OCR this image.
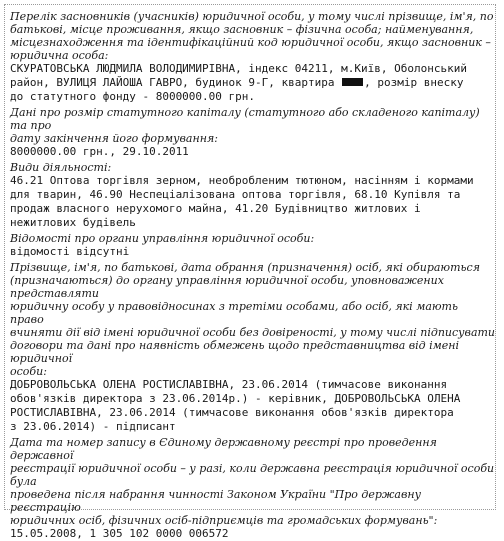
Перелік засновників (учасників) юридичної особи, у тому числі прізвище, ім'я, по
батькові, місце проживання, якщо засновник – фізична особа; найменування,
місцезнаходження та ідентифікаційний код юридичної особи, якщо засновник –
юридична особа:

СКУРАТОВСЬКА ЛЮДМИЛА ВОЛОДИМИРІВНА, індекс 04211, м.Київ, Оболонський
район, ВУЛИЦЯ ЛАЙОША ГАВРО, будинок 9-Г, квартира	, розмір внеску
до статутного фонду - 8000000.00 грн.

Дані про розмір статутного капіталу (статутного або складеного капіталу) та про
дату закінчення його формування:

8000000.00 грн., 29.10.2011

Види діяльності:

46.21 Оптова торгівля зерном, необробленим тютюном, насінням і кормами
для тварин, 46.90 Неспеціалізована оптова торгівля, 68.10 Купівля та
продаж власного нерухомого майна, 41.20 Будівництво житлових і
нежитлових будівель

Відомості про органи управління юридичної особи:

відомості відсутні

Прізвище, ім'я, по батькові, дата обрання (призначення) осіб, які обираються
(призначаються) до органу управління юридичної особи, уповноважених представляти
юридичну особу у правовідносинах з третіми особами, або осіб, які мають право
вчиняти дії від імені юридичної особи без довіреності, у тому числі підписувати
договори та дані про наявність обмежень щодо представництва від імені юридичної
особи:

ДОБРОВОЛЬСЬКА ОЛЕНА РОСТИСЛАВІВНА, 23.06.2014 (тимчасове виконання
обов'язків директора з 23.06.2014р.) - керівник, ДОБРОВОЛЬСЬКА ОЛЕНА
РОСТИСЛАВІВНА, 23.06.2014 (тимчасове виконання обов'язків директора
з 23.06.2014) - підписант

Дата та номер запису в Єдиному державному реєстрі про проведення державної
реєстрації юридичної особи – у разі, коли державна реєстрація юридичної особи була
проведена після набрання чинності Законом України "Про державну реєстрацію
юридичних осіб, фізичних осіб-підприємців та громадських формувань":

15.05.2008, 1 305 102 0000 006572
